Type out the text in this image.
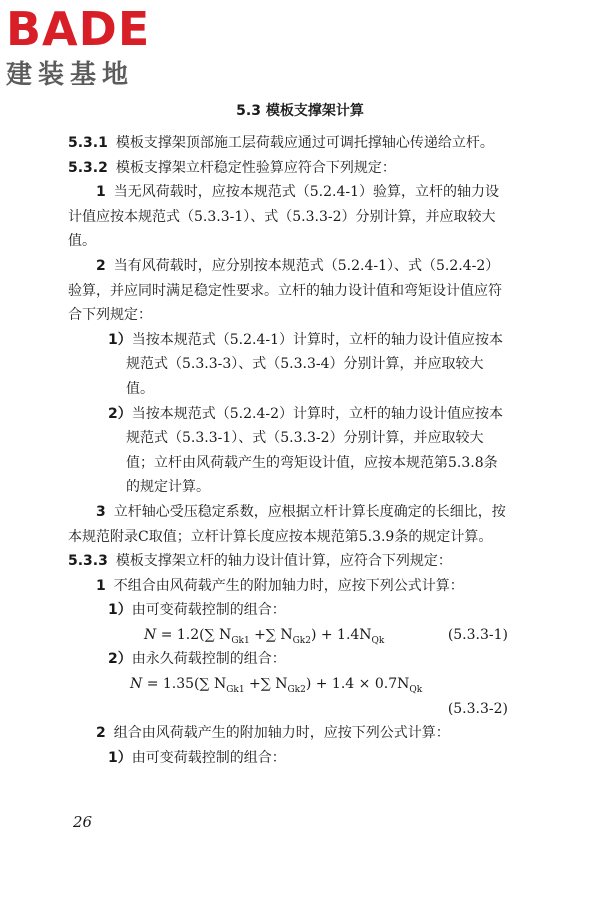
BADE
建装基地
5.3 模板支撑架计算

5.3.1 模板支撑架顶部施工层荷载应通过可调托撑轴心传递给立杆。

5.3.2 模板支撑架立杆稳定性验算应符合下列规定：

1 当无风荷载时，应按本规范式（5.2.4-1）验算，立杆的轴力设计值应按本规范式（5.3.3-1）、式（5.3.3-2）分别计算，并应取较大值。

2 当有风荷载时，应分别按本规范式（5.2.4-1）、式（5.2.4-2）验算，并应同时满足稳定性要求。立杆的轴力设计值和弯矩设计值应符合下列规定：

1）当按本规范式（5.2.4-1）计算时，立杆的轴力设计值应按本规范式（5.3.3-3）、式（5.3.3-4）分别计算，并应取较大值。

2）当按本规范式（5.2.4-2）计算时，立杆的轴力设计值应按本规范式（5.3.3-1）、式（5.3.3-2）分别计算，并应取较大值；立杆由风荷载产生的弯矩设计值，应按本规范第5.3.8条的规定计算。

3 立杆轴心受压稳定系数，应根据立杆计算长度确定的长细比，按本规范附录C取值；立杆计算长度应按本规范第5.3.9条的规定计算。

5.3.3 模板支撑架立杆的轴力设计值计算，应符合下列规定：

1 不组合由风荷载产生的附加轴力时，应按下列公式计算：

1）由可变荷载控制的组合：

N = 1.2(∑ $N_{Gk1}$ +∑ $N_{Gk2}) + 1.4N_{Qk}$	(5.3.3-1)

2）由永久荷载控制的组合：

N = 1.35(∑ $N_{Gk1}$ +∑ $N_{Gk2}) + 1.4 \times 0.7N_{Qk}$
(5.3.3-2)

2 组合由风荷载产生的附加轴力时，应按下列公式计算：

1）由可变荷载控制的组合：

26
